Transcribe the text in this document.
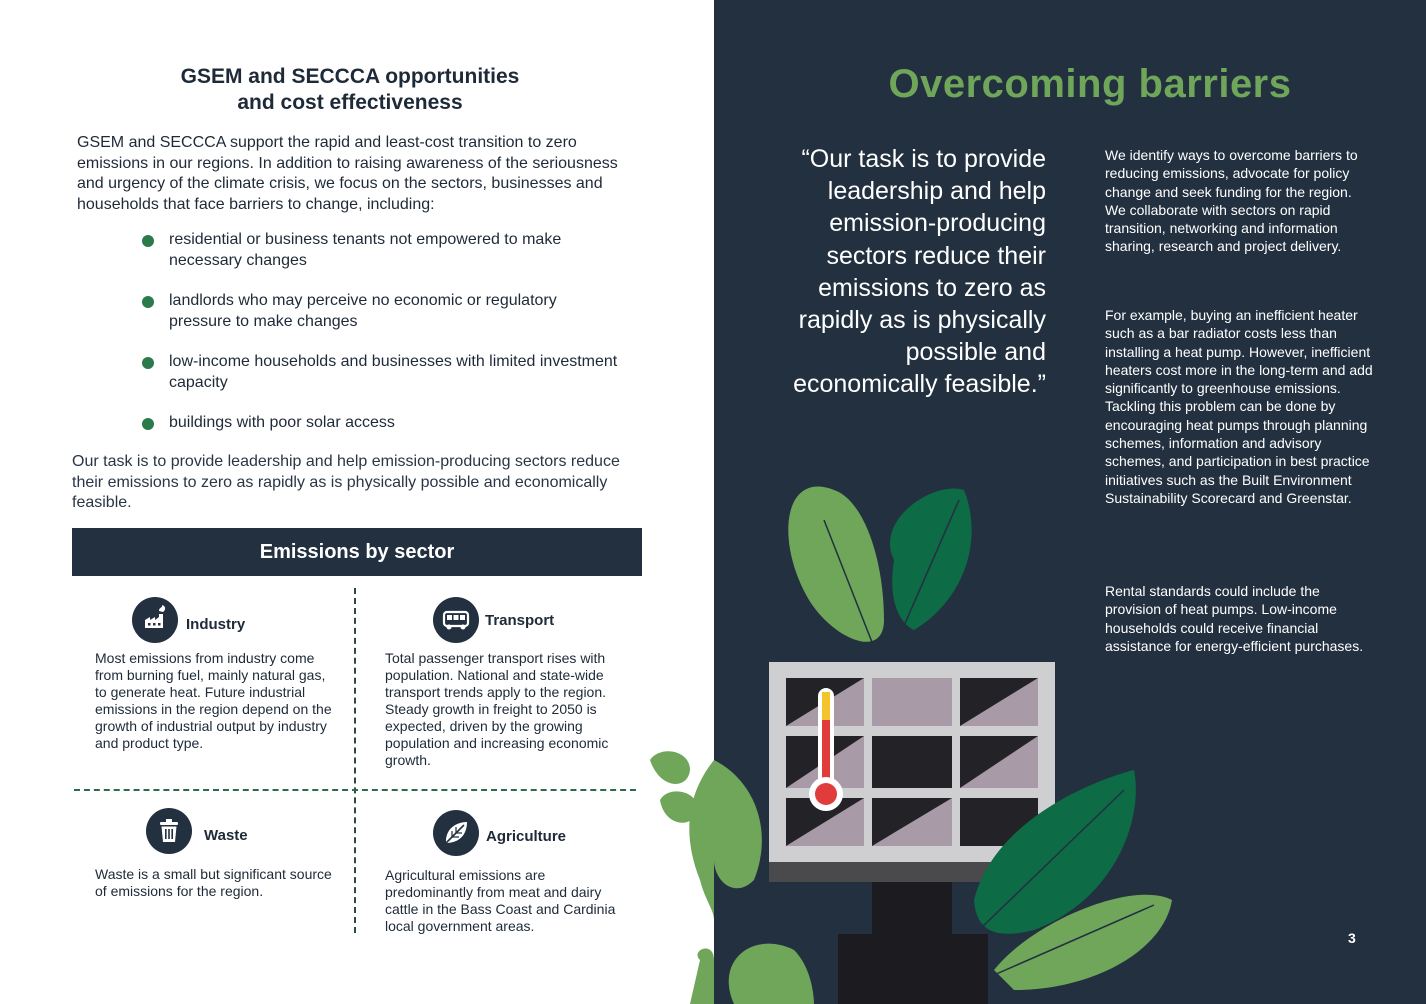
GSEM and SECCCA opportunities
and cost effectiveness
GSEM and SECCCA support the rapid and least-cost transition to zero emissions in our regions. In addition to raising awareness of the seriousness and urgency of the climate crisis, we focus on the sectors, businesses and households that face barriers to change, including:
residential or business tenants not empowered to make necessary changes
landlords who may perceive no economic or regulatory pressure to make changes
low-income households and businesses with limited investment capacity
buildings with poor solar access
Our task is to provide leadership and help emission-producing sectors reduce their emissions to zero as rapidly as is physically possible and economically feasible.
Emissions by sector
Industry
Most emissions from industry come from burning fuel, mainly natural gas, to generate heat. Future industrial emissions in the region depend on the growth of industrial output by industry and product type.
Transport
Total passenger transport rises with population. National and state-wide transport trends apply to the region. Steady growth in freight to 2050 is expected, driven by the growing population and increasing economic growth.
Waste
Waste is a small but significant source of emissions for the region.
Agriculture
Agricultural emissions are predominantly from meat and dairy cattle in the Bass Coast and Cardinia local government areas.
Overcoming barriers
“Our task is to provide leadership and help emission-producing sectors reduce their emissions to zero as rapidly as is physically possible and economically feasible.”
We identify ways to overcome barriers to reducing emissions, advocate for policy change and seek funding for the region. We collaborate with sectors on rapid transition, networking and information sharing, research and project delivery.
For example, buying an inefficient heater such as a bar radiator costs less than installing a heat pump. However, inefficient heaters cost more in the long-term and add significantly to greenhouse emissions. Tackling this problem can be done by encouraging heat pumps through planning schemes, information and advisory schemes, and participation in best practice initiatives such as the Built Environment Sustainability Scorecard and Greenstar.
Rental standards could include the provision of heat pumps. Low-income households could receive financial assistance for energy-efficient purchases.
3
